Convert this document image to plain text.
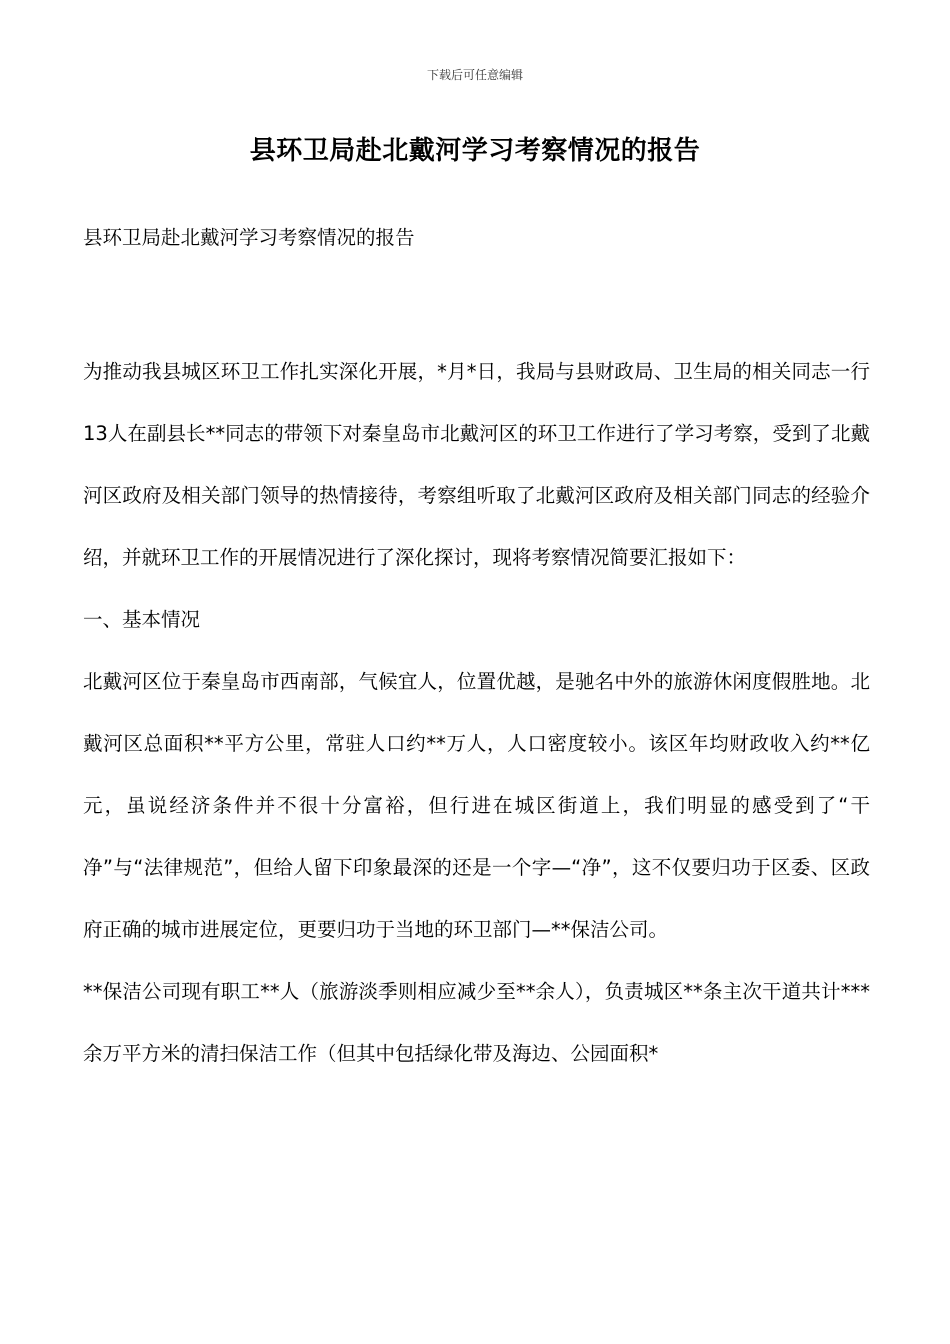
下载后可任意编辑
县环卫局赴北戴河学习考察情况的报告

县环卫局赴北戴河学习考察情况的报告

为推动我县城区环卫工作扎实深化开展，*月*日，我局与县财政局、卫生局的相关同志一行13人在副县长**同志的带领下对秦皇岛市北戴河区的环卫工作进行了学习考察，受到了北戴河区政府及相关部门领导的热情接待，考察组听取了北戴河区政府及相关部门同志的经验介绍，并就环卫工作的开展情况进行了深化探讨，现将考察情况简要汇报如下：

一、基本情况

北戴河区位于秦皇岛市西南部，气候宜人，位置优越，是驰名中外的旅游休闲度假胜地。北戴河区总面积**平方公里，常驻人口约**万人，人口密度较小。该区年均财政收入约**亿元，虽说经济条件并不很十分富裕，但行进在城区街道上，我们明显的感受到了“干净”与“法律规范”，但给人留下印象最深的还是一个字—“净”，这不仅要归功于区委、区政府正确的城市进展定位，更要归功于当地的环卫部门—**保洁公司。

**保洁公司现有职工**人（旅游淡季则相应减少至**余人），负责城区**条主次干道共计***余万平方米的清扫保洁工作（但其中包括绿化带及海边、公园面积*
